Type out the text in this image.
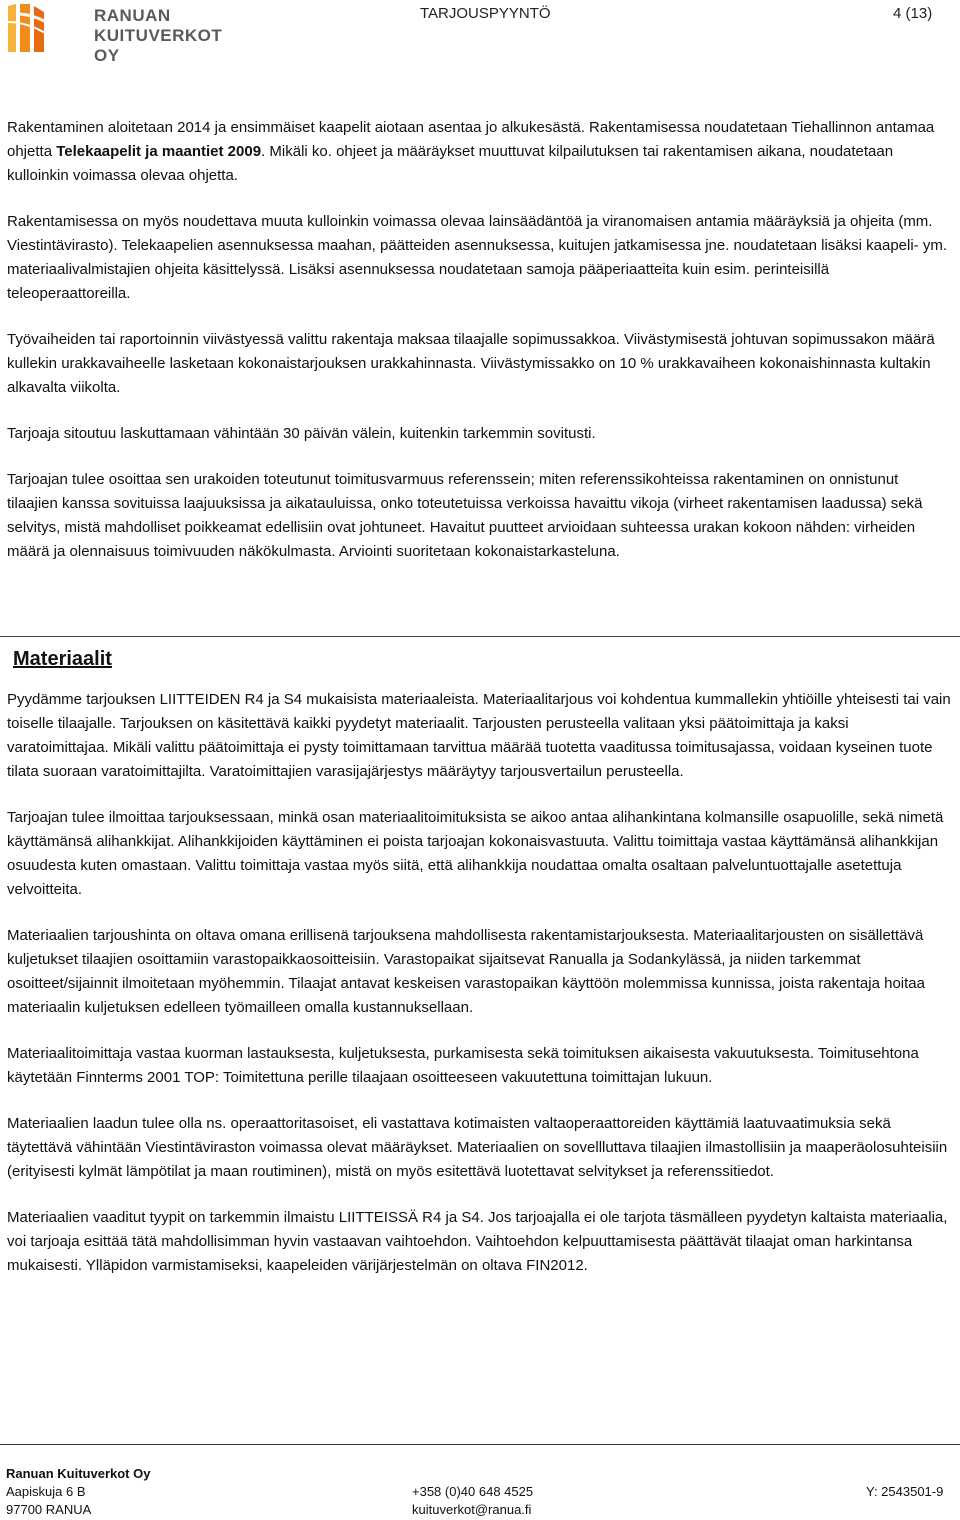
RANUAN
KUITUVERKOT OY
TARJOUSPYYNTÖ	4 (13)

Rakentaminen aloitetaan 2014 ja ensimmäiset kaapelit aiotaan asentaa jo alkukesästä. Rakentamisessa noudatetaan Tiehallinnon antamaa ohjetta Telekaapelit ja maantiet 2009. Mikäli ko. ohjeet ja määräykset muuttuvat kilpailutuksen tai rakentamisen aikana, noudatetaan kulloinkin voimassa olevaa ohjetta.

Rakentamisessa on myös noudettava muuta kulloinkin voimassa olevaa lainsäädäntöä ja viranomaisen antamia määräyksiä ja ohjeita (mm. Viestintävirasto). Telekaapelien asennuksessa maahan, päätteiden asennuksessa, kuitujen jatkamisessa jne. noudatetaan lisäksi kaapeli- ym. materiaalivalmistajien ohjeita käsittelyssä. Lisäksi asennuksessa noudatetaan samoja pääperiaatteita kuin esim. perinteisillä teleoperaattoreilla.

Työvaiheiden tai raportoinnin viivästyessä valittu rakentaja maksaa tilaajalle sopimussakkoa. Viivästymisestä johtuvan sopimussakon määrä kullekin urakkavaiheelle lasketaan kokonaistarjouksen urakkahinnasta. Viivästymissakko on 10 % urakkavaiheen kokonaishinnasta kultakin alkavalta viikolta.

Tarjoaja sitoutuu laskuttamaan vähintään 30 päivän välein, kuitenkin tarkemmin sovitusti.

Tarjoajan tulee osoittaa sen urakoiden toteutunut toimitusvarmuus referenssein; miten referenssikohteissa rakentaminen on onnistunut tilaajien kanssa sovituissa laajuuksissa ja aikatauluissa, onko toteutetuissa verkoissa havaittu vikoja (virheet rakentamisen laadussa) sekä selvitys, mistä mahdolliset poikkeamat edellisiin ovat johtuneet. Havaitut puutteet arvioidaan suhteessa urakan kokoon nähden: virheiden määrä ja olennaisuus toimivuuden näkökulmasta. Arviointi suoritetaan kokonaistarkasteluna.

Materiaalit

Pyydämme tarjouksen LIITTEIDEN R4 ja S4 mukaisista materiaaleista. Materiaalitarjous voi kohdentua kummallekin yhtiöille yhteisesti tai vain toiselle tilaajalle. Tarjouksen on käsitettävä kaikki pyydetyt materiaalit. Tarjousten perusteella valitaan yksi päätoimittaja ja kaksi varatoimittajaa. Mikäli valittu päätoimittaja ei pysty toimittamaan tarvittua määrää tuotetta vaaditussa toimitusajassa, voidaan kyseinen tuote tilata suoraan varatoimittajilta. Varatoimittajien varasijajärjestys määräytyy tarjousvertailun perusteella.

Tarjoajan tulee ilmoittaa tarjouksessaan, minkä osan materiaalitoimituksista se aikoo antaa alihankintana kolmansille osapuolille, sekä nimetä käyttämänsä alihankkijat. Alihankkijoiden käyttäminen ei poista tarjoajan kokonaisvastuuta. Valittu toimittaja vastaa käyttämänsä alihankkijan osuudesta kuten omastaan. Valittu toimittaja vastaa myös siitä, että alihankkija noudattaa omalta osaltaan palveluntuottajalle asetettuja velvoitteita.

Materiaalien tarjoushinta on oltava omana erillisenä tarjouksena mahdollisesta rakentamistarjouksesta. Materiaalitarjousten on sisällettävä kuljetukset tilaajien osoittamiin varastopaikkaosoitteisiin. Varastopaikat sijaitsevat Ranualla ja Sodankylässä, ja niiden tarkemmat osoitteet/sijainnit ilmoitetaan myöhemmin. Tilaajat antavat keskeisen varastopaikan käyttöön molemmissa kunnissa, joista rakentaja hoitaa materiaalin kuljetuksen edelleen työmailleen omalla kustannuksellaan.

Materiaalitoimittaja vastaa kuorman lastauksesta, kuljetuksesta, purkamisesta sekä toimituksen aikaisesta vakuutuksesta. Toimitusehtona käytetään Finnterms 2001 TOP: Toimitettuna perille tilaajaan osoitteeseen vakuutettuna toimittajan lukuun.

Materiaalien laadun tulee olla ns. operaattoritasoiset, eli vastattava kotimaisten valtaoperaattoreiden käyttämiä laatuvaatimuksia sekä täytettävä vähintään Viestintäviraston voimassa olevat määräykset. Materiaalien on sovellluttava tilaajien ilmastollisiin ja maaperäolosuhteisiin (erityisesti kylmät lämpötilat ja maan routiminen), mistä on myös esitettävä luotettavat selvitykset ja referenssitiedot.

Materiaalien vaaditut tyypit on tarkemmin ilmaistu LIITTEISSÄ R4 ja S4. Jos tarjoajalla ei ole tarjota täsmälleen pyydetyn kaltaista materiaalia, voi tarjoaja esittää tätä mahdollisimman hyvin vastaavan vaihtoehdon. Vaihtoehdon kelpuuttamisesta päättävät tilaajat oman harkintansa mukaisesti. Ylläpidon varmistamiseksi, kaapeleiden värijärjestelmän on oltava FIN2012.

Ranuan Kuituverkot Oy
Aapiskuja 6 B
97700 RANUA
+358 (0)40 648 4525
kuituverkot@ranua.fi
Y: 2543501-9
